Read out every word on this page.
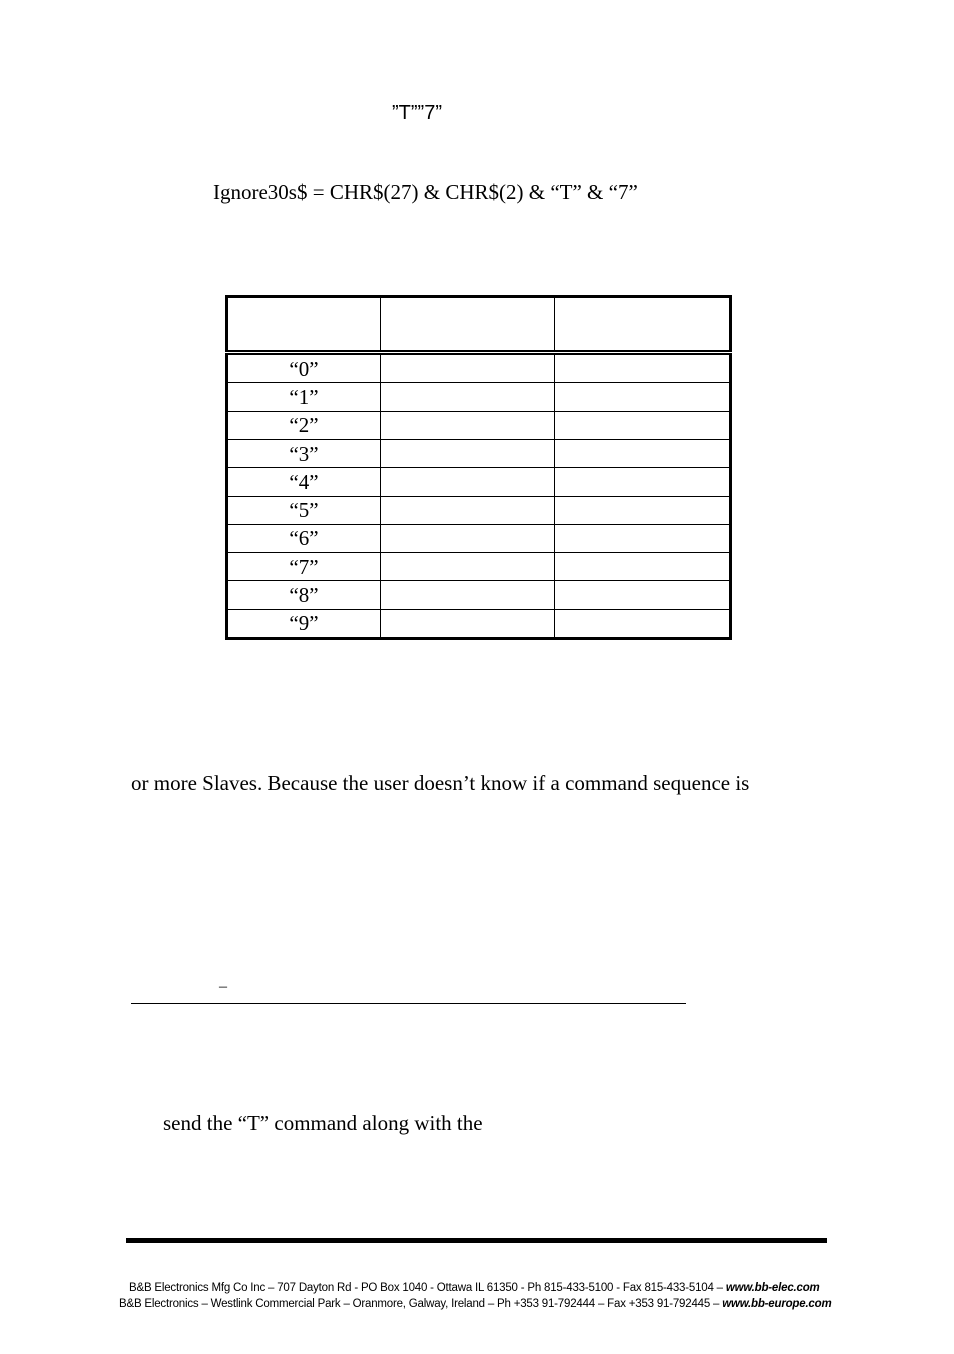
”T””7”
Ignore30s$ = CHR$(27) & CHR$(2) & “T” & “7”

“0”		
“1”		
“2”		
“3”		
“4”		
“5”		
“6”		
“7”		
“8”		
“9”		
or more Slaves. Because the user doesn’t know if a command sequence is
–
send the “T” command along with the
B&B Electronics Mfg Co Inc – 707 Dayton Rd - PO Box 1040 - Ottawa IL 61350 - Ph 815-433-5100 - Fax 815-433-5104 – www.bb-elec.com
B&B Electronics – Westlink Commercial Park – Oranmore, Galway, Ireland – Ph +353 91-792444 – Fax +353 91-792445 – www.bb-europe.com
